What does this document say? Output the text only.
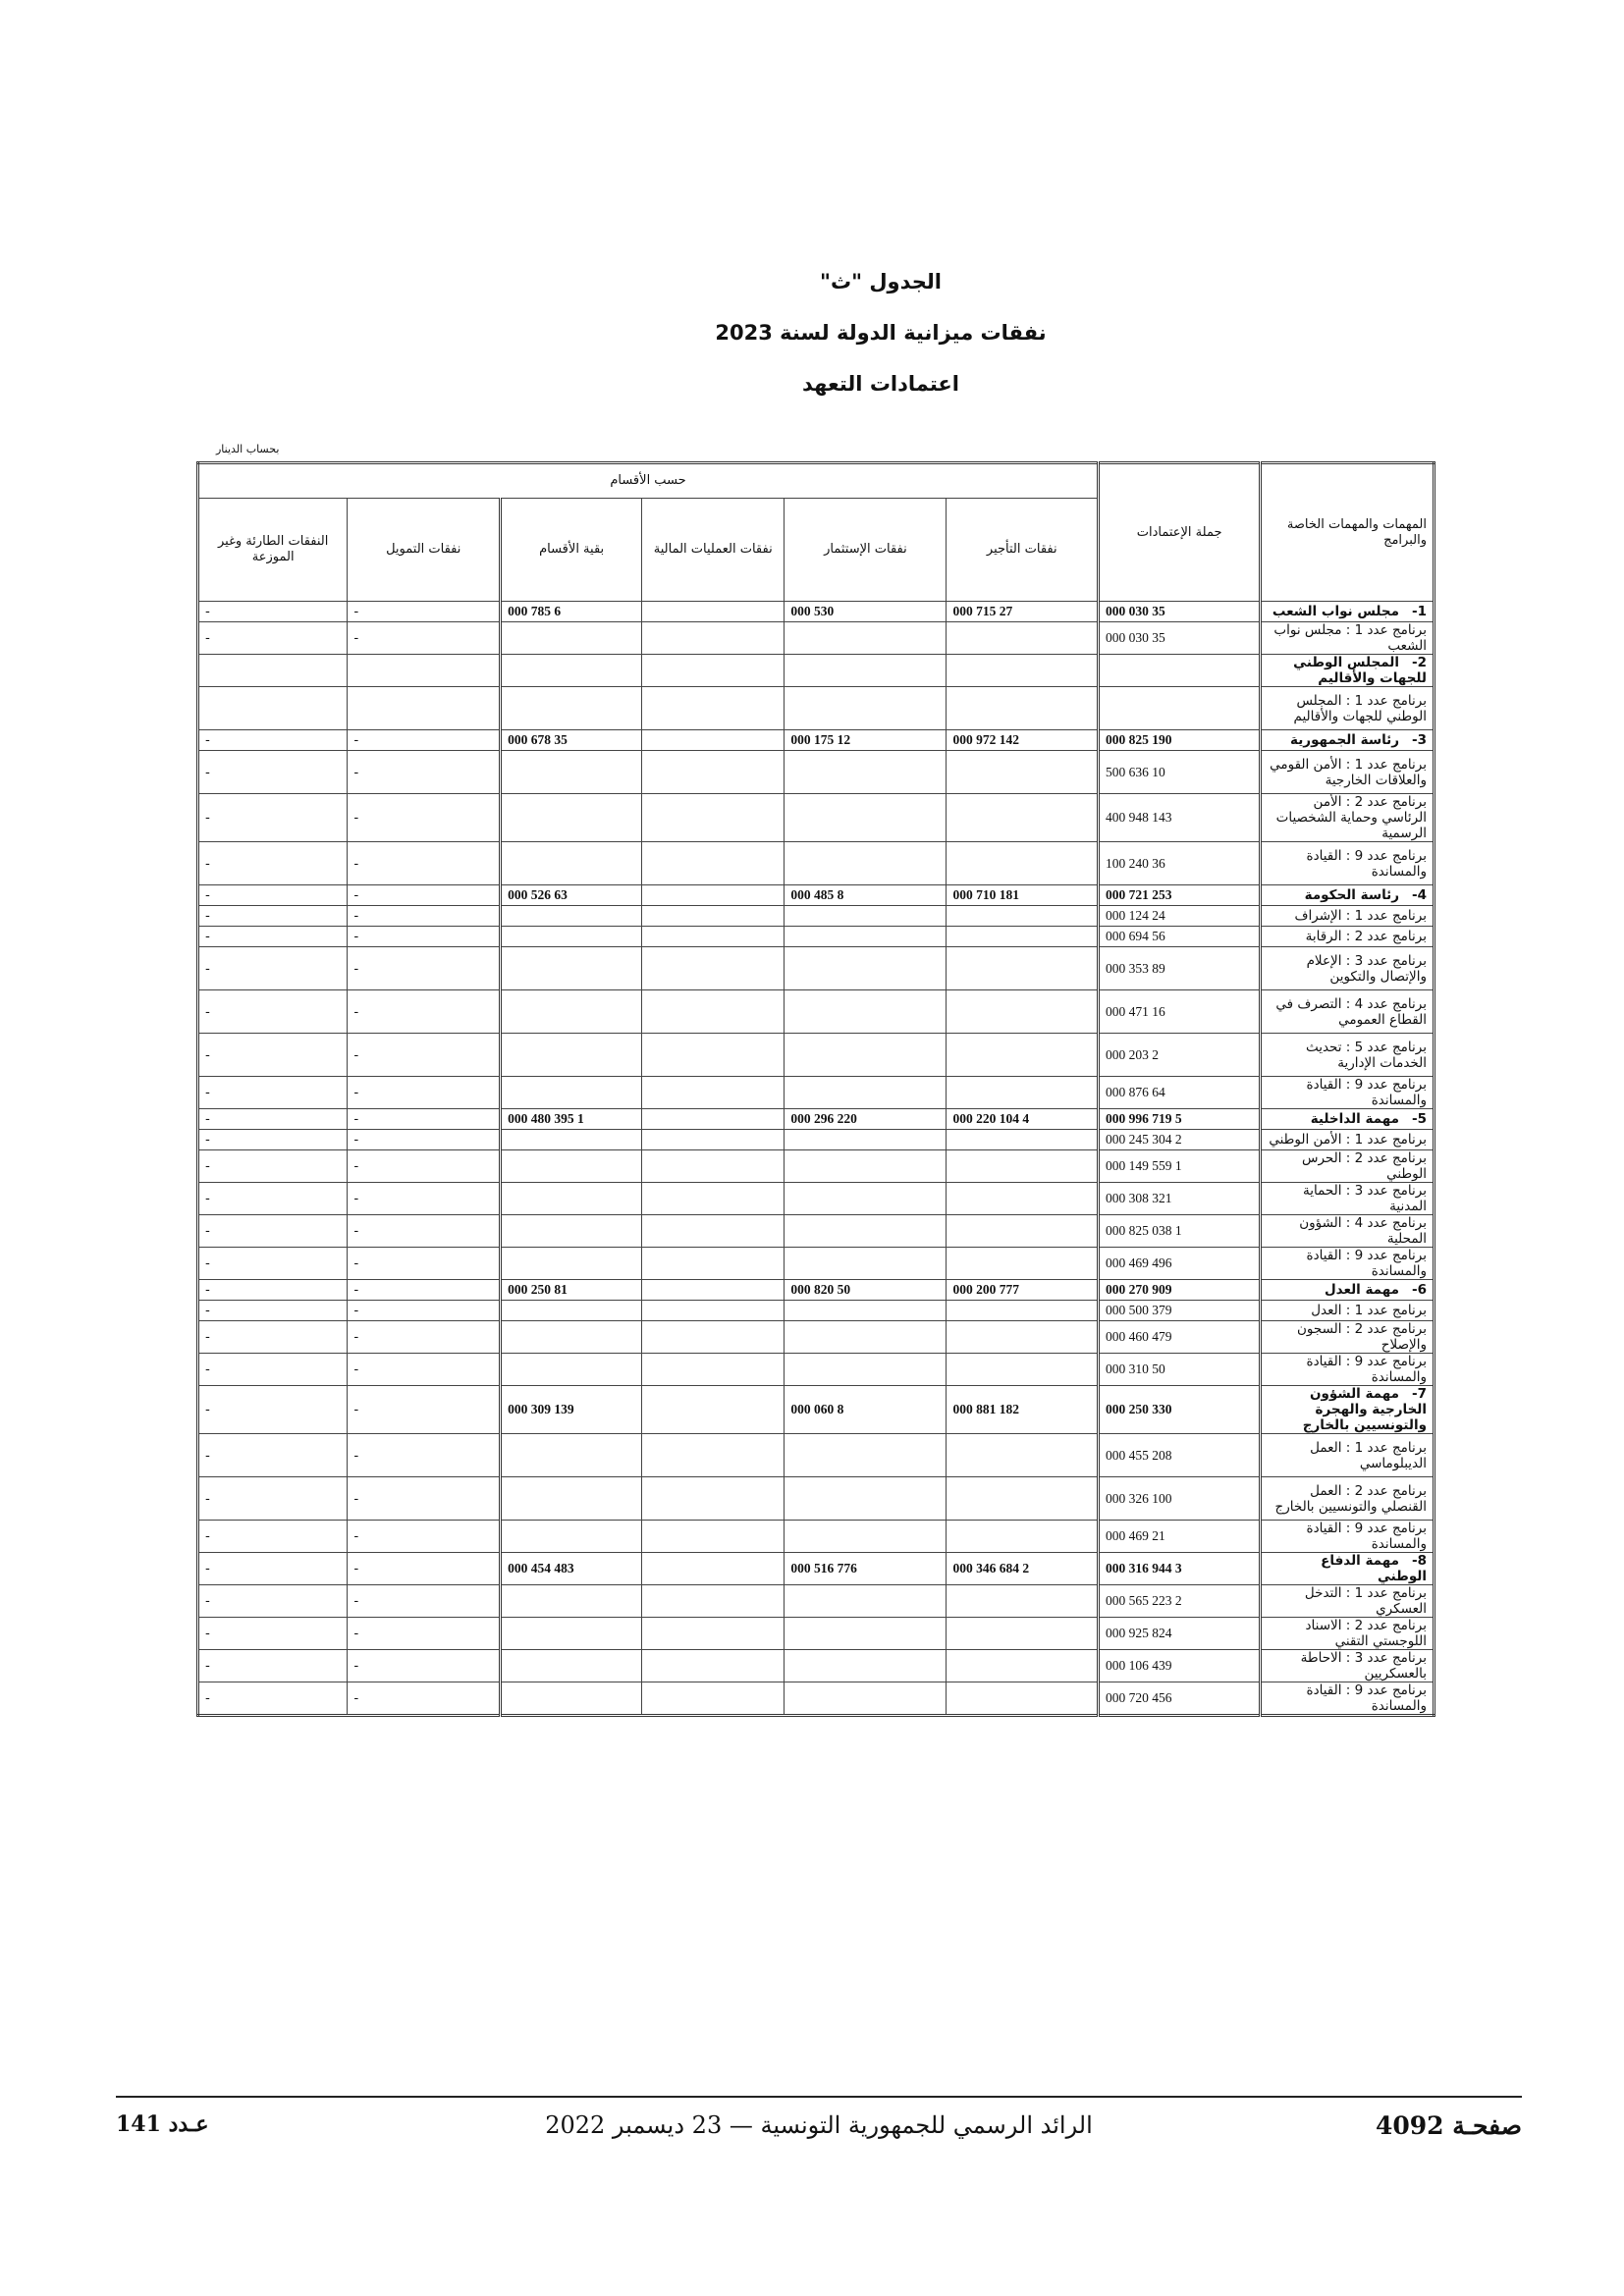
الجدول "ث"
نفقات ميزانية الدولة لسنة 2023
اعتمادات التعهد
بحساب الدينار
المهمات والمهمات الخاصة والبرامج	جملة الإعتمادات	حسب الأقسام					
		نفقات التأجير	نفقات الإستثمار	نفقات العمليات المالية	بقية الأقسام	نفقات التمويل	النفقات الطارئة وغير الموزعة
1-مجلس نواب الشعب	35 030 000	27 715 000	530 000		6 785 000	-	-
برنامج عدد 1 : مجلس نواب الشعب	35 030 000					-	-
2-المجلس الوطني للجهات والأقاليم							
برنامج عدد 1 : المجلس الوطني للجهات والأقاليم							
3-رئاسة الجمهورية	190 825 000	142 972 000	12 175 000		35 678 000	-	-
برنامج عدد 1 : الأمن القومي والعلاقات الخارجية	10 636 500					-	-
برنامج عدد 2 : الأمن الرئاسي وحماية الشخصيات الرسمية	143 948 400					-	-
برنامج عدد 9 : القيادة والمساندة	36 240 100					-	-
4-رئاسة الحكومة	253 721 000	181 710 000	8 485 000		63 526 000	-	-
برنامج عدد 1 : الإشراف	24 124 000					-	-
برنامج عدد 2 : الرقابة	56 694 000					-	-
برنامج عدد 3 : الإعلام والإتصال والتكوين	89 353 000					-	-
برنامج عدد 4 : التصرف في القطاع العمومي	16 471 000					-	-
برنامج عدد 5 : تحديث الخدمات الإدارية	2 203 000					-	-
برنامج عدد 9 : القيادة والمساندة	64 876 000					-	-
5-مهمة الداخلية	5 719 996 000	4 104 220 000	220 296 000		1 395 480 000	-	-
برنامج عدد 1 : الأمن الوطني	2 304 245 000					-	-
برنامج عدد 2 : الحرس الوطني	1 559 149 000					-	-
برنامج عدد 3 : الحماية المدنية	321 308 000					-	-
برنامج عدد 4 : الشؤون المحلية	1 038 825 000					-	-
برنامج عدد 9 : القيادة والمساندة	496 469 000					-	-
6-مهمة العدل	909 270 000	777 200 000	50 820 000		81 250 000	-	-
برنامج عدد 1 : العدل	379 500 000					-	-
برنامج عدد 2 : السجون والإصلاح	479 460 000					-	-
برنامج عدد 9 : القيادة والمساندة	50 310 000					-	-
7-مهمة الشؤون الخارجية والهجرة والتونسيين بالخارج	330 250 000	182 881 000	8 060 000		139 309 000	-	-
برنامج عدد 1 : العمل الديبلوماسي	208 455 000					-	-
برنامج عدد 2 : العمل القنصلي والتونسيين بالخارج	100 326 000					-	-
برنامج عدد 9 : القيادة والمساندة	21 469 000					-	-
8-مهمة الدفاع الوطني	3 944 316 000	2 684 346 000	776 516 000		483 454 000	-	-
برنامج عدد 1 : التدخل العسكري	2 223 565 000					-	-
برنامج عدد 2 : الاسناد اللوجستي التقني	824 925 000					-	-
برنامج عدد 3 : الاحاطة بالعسكريين	439 106 000					-	-
برنامج عدد 9 : القيادة والمساندة	456 720 000					-	-
صفحـة 4092
الرائد الرسمي للجمهورية التونسية — 23 ديسمبر 2022
عـدد 141
